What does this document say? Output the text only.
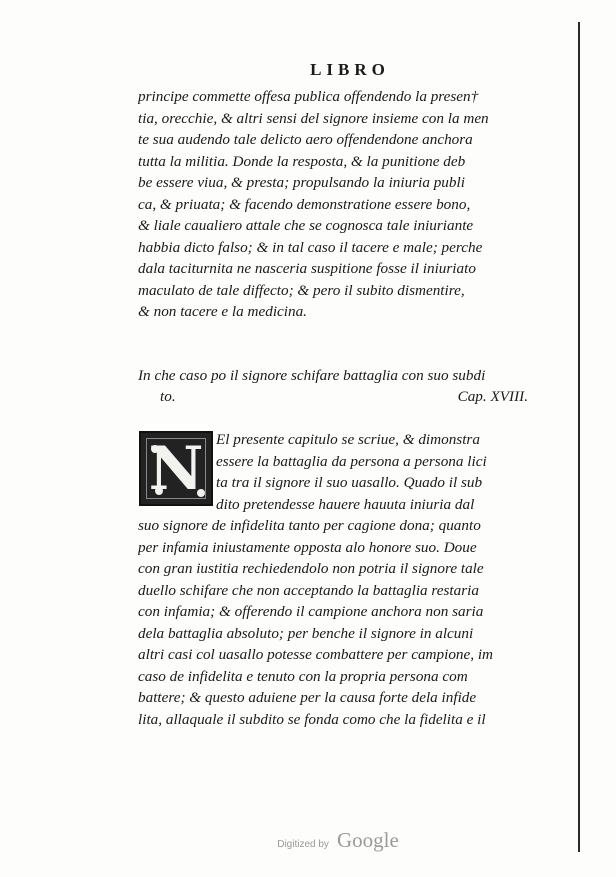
LIBRO
principe commette offesa publica offendendo la presen†
tia, orecchie, & altri sensi del signore insieme con la men
te sua audendo tale delicto aero offendendone anchora
tutta la militia. Donde la resposta, & la punitione deb
be essere viua, & presta; propulsando la iniuria publi
ca, & priuata; & facendo demonstratione essere bono,
& liale caualiero attale che se cognosca tale iniuriante
habbia dicto falso; & in tal caso il tacere e male; perche
dala taciturnita ne nasceria suspitione fosse il iniuriato
maculato de tale diffecto; & pero il subito dismentire,
& non tacere e la medicina.
In che caso po il signore schifare battaglia con suo subdi
to.	Cap. XVIII.
N El presente capitulo se scriue, & dimonstra
essere la battaglia da persona a persona lici
ta tra il signore il suo uasallo. Quado il sub
dito pretendesse hauere hauuta iniuria dal
suo signore de infidelita tanto per cagione dona; quanto
per infamia iniustamente opposta alo honore suo. Doue
con gran iustitia rechiedendolo non potria il signore tale
duello schifare che non acceptando la battaglia restaria
con infamia; & offerendo il campione anchora non saria
dela battaglia absoluto; per benche il signore in alcuni
altri casi col uasallo potesse combattere per campione, im
caso de infidelita e tenuto con la propria persona com
battere; & questo aduiene per la causa forte dela infide
lita, allaquale il subdito se fonda como che la fidelita e il
Digitized by Google
